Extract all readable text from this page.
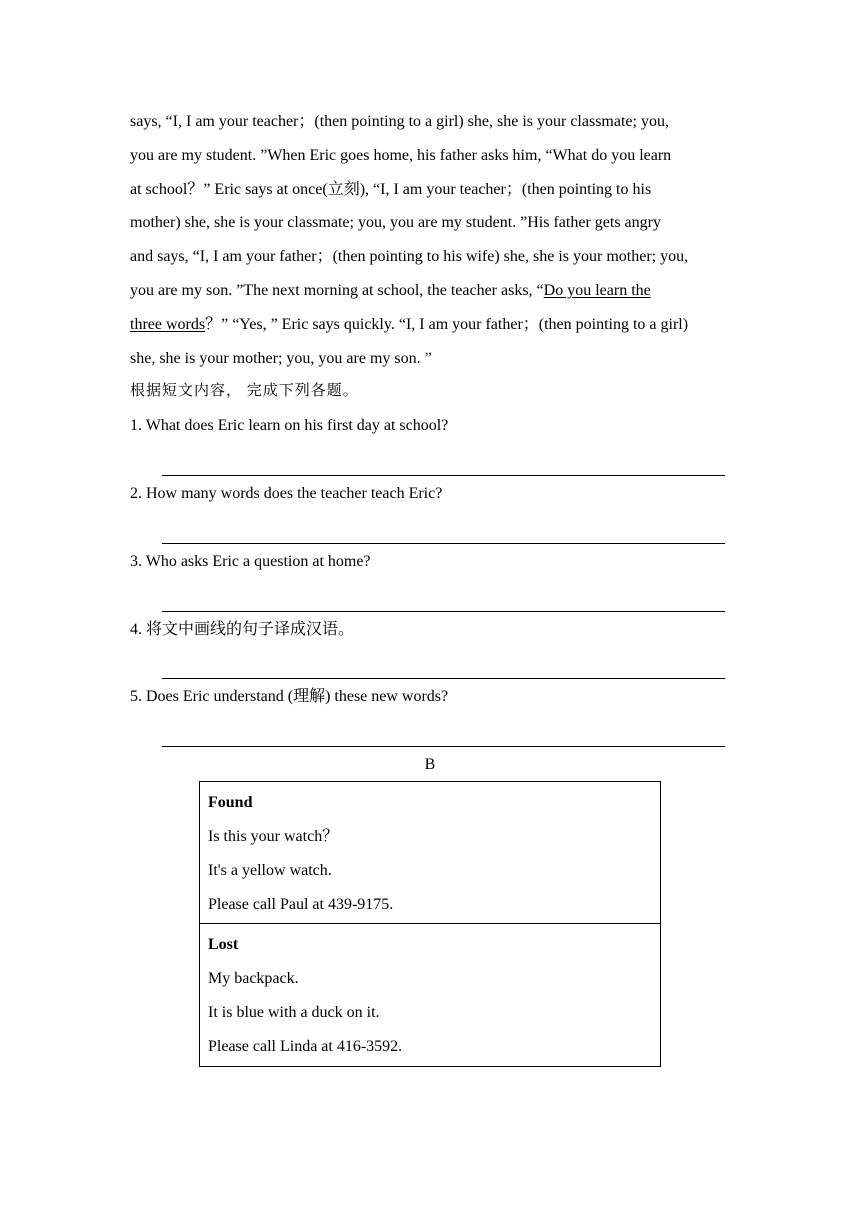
says, “I, I am your teacher；(then pointing to a girl) she, she is your classmate; you,

you are my student. ”When Eric goes home, his father asks him, “What do you learn

at school？” Eric says at once(立刻), “I, I am your teacher；(then pointing to his

mother) she, she is your classmate; you, you are my student. ”His father gets angry

and says, “I, I am your father；(then pointing to his wife) she, she is your mother; you,

you are my son. ”The next morning at school, the teacher asks, “Do you learn the

three words？” “Yes, ” Eric says quickly. “I, I am your father；(then pointing to a girl)

she, she is your mother; you, you are my son. ”

根据短文内容， 完成下列各题。

1. What does Eric learn on his first day at school?

2. How many words does the teacher teach Eric?

3. Who asks Eric a question at home?

4. 将文中画线的句子译成汉语。

5. Does Eric understand (理解) these new words?

B

Found

Is this your watch？

It's a yellow watch.

Please call Paul at 439-9175.

Lost

My backpack.

It is blue with a duck on it.

Please call Linda at 416-3592.
